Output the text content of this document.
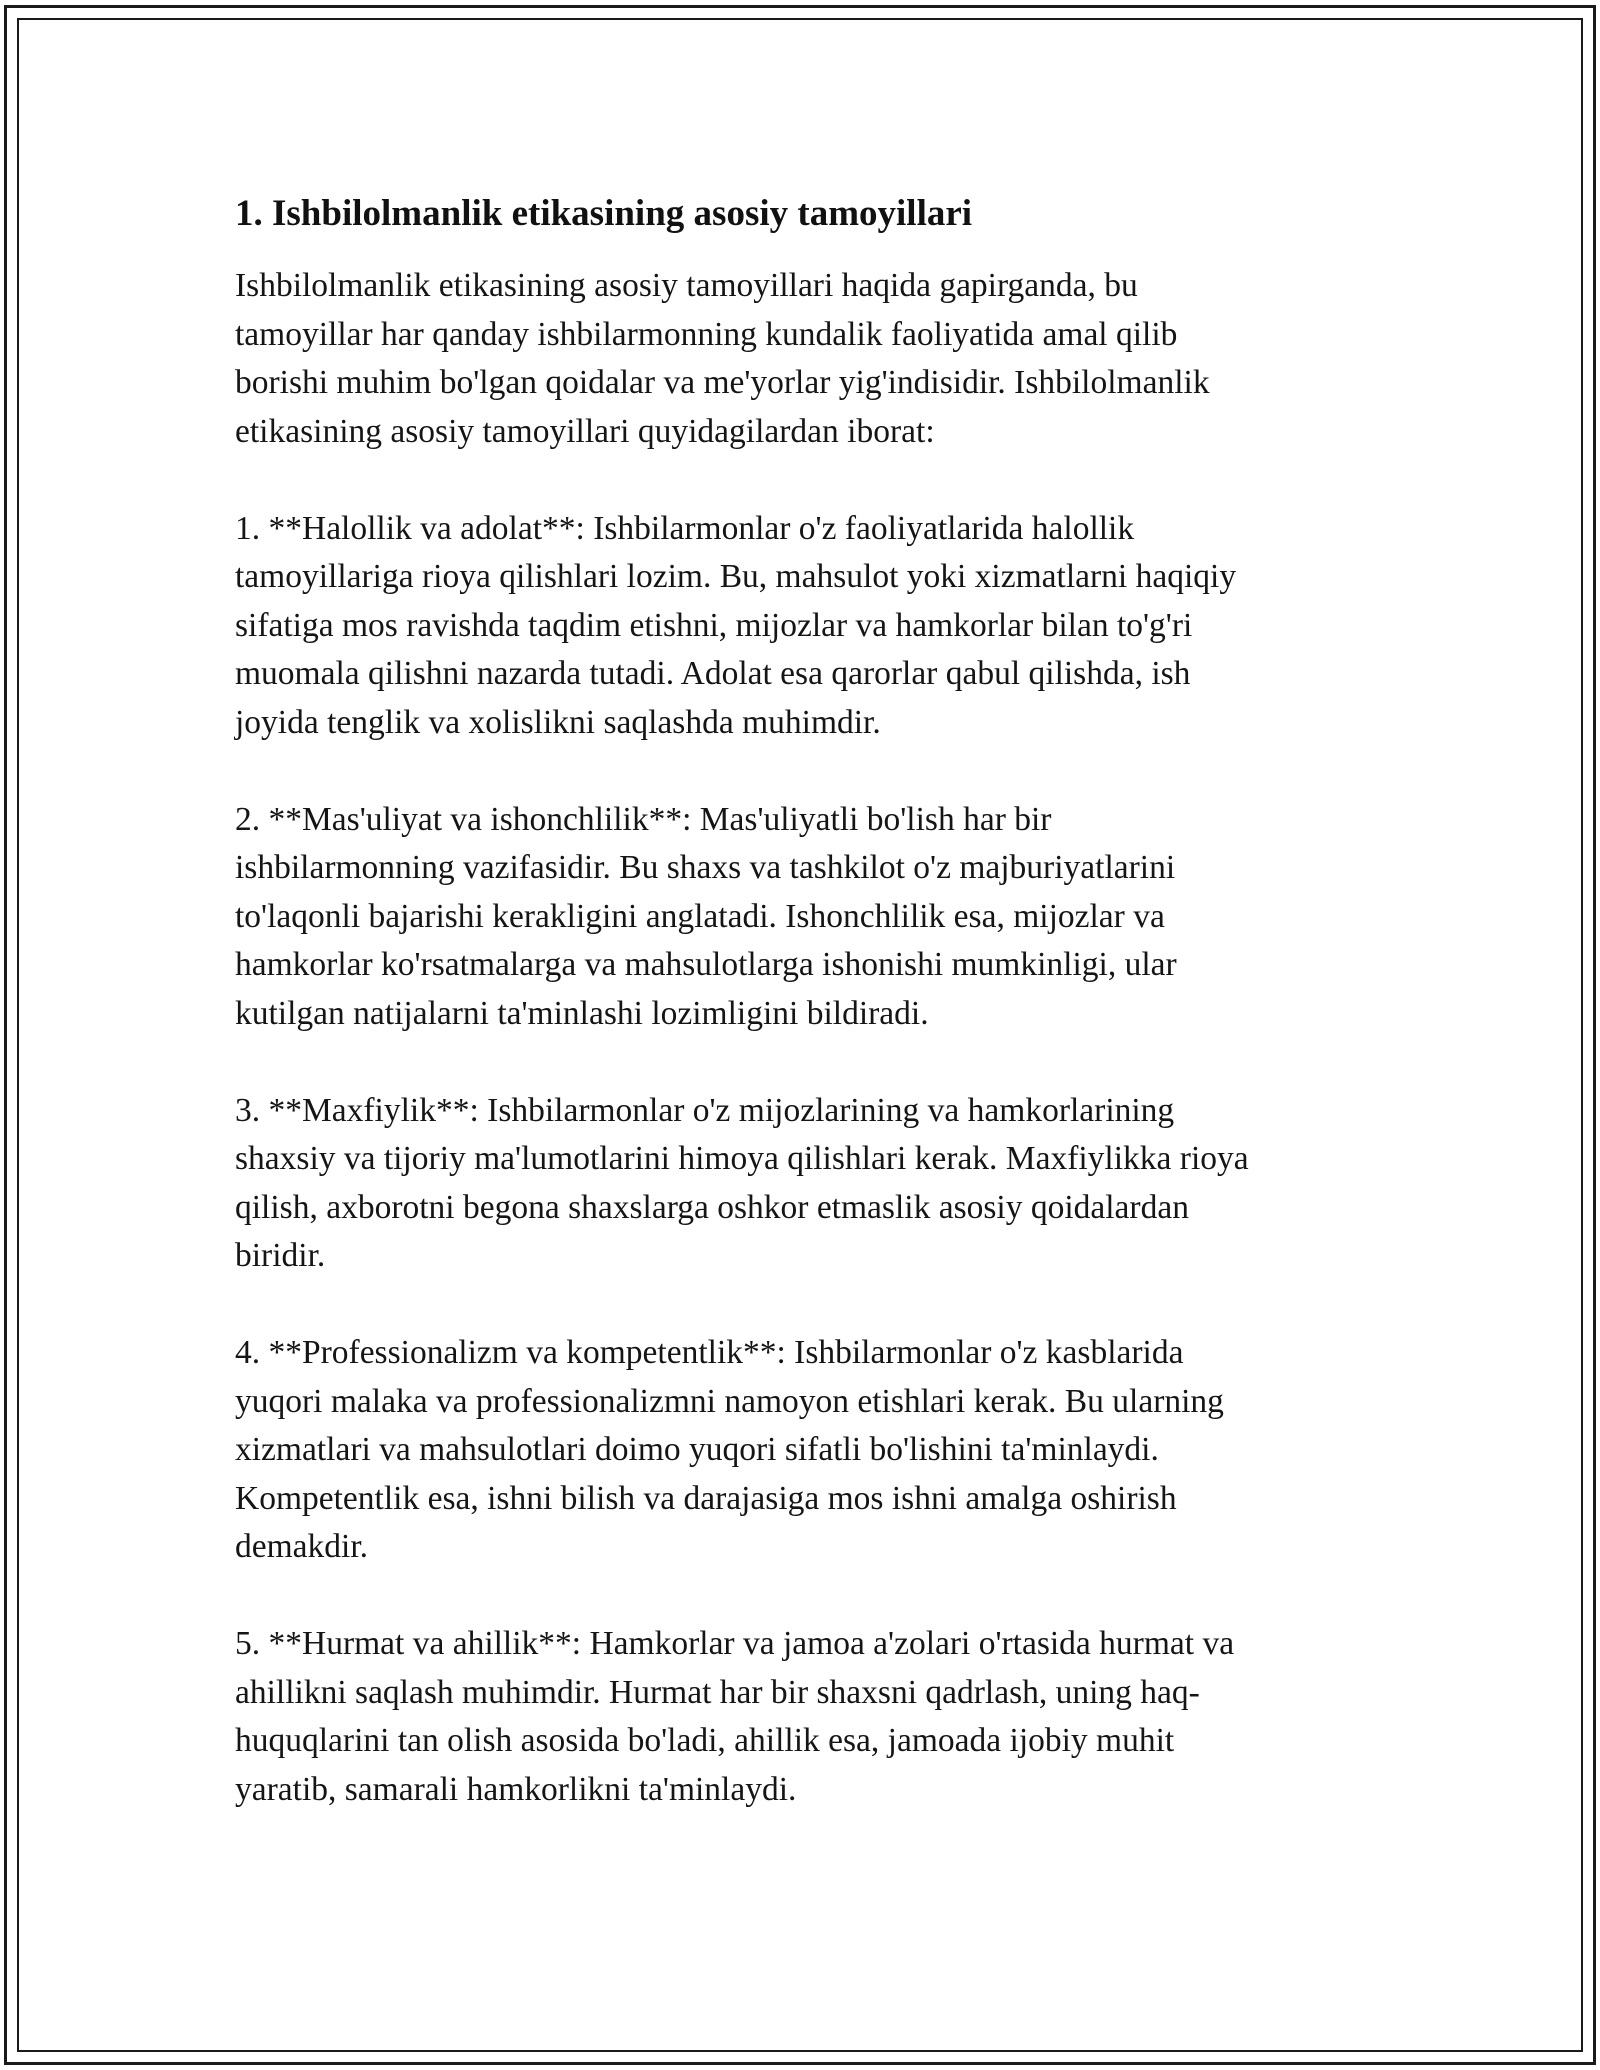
1. Ishbilolmanlik etikasining asosiy tamoyillari

Ishbilolmanlik etikasining asosiy tamoyillari haqida gapirganda, bu
tamoyillar har qanday ishbilarmonning kundalik faoliyatida amal qilib
borishi muhim bo'lgan qoidalar va me'yorlar yig'indisidir. Ishbilolmanlik
etikasining asosiy tamoyillari quyidagilardan iborat:

1. **Halollik va adolat**: Ishbilarmonlar o'z faoliyatlarida halollik
tamoyillariga rioya qilishlari lozim. Bu, mahsulot yoki xizmatlarni haqiqiy
sifatiga mos ravishda taqdim etishni, mijozlar va hamkorlar bilan to'g'ri
muomala qilishni nazarda tutadi. Adolat esa qarorlar qabul qilishda, ish
joyida tenglik va xolislikni saqlashda muhimdir.

2. **Mas'uliyat va ishonchlilik**: Mas'uliyatli bo'lish har bir
ishbilarmonning vazifasidir. Bu shaxs va tashkilot o'z majburiyatlarini
to'laqonli bajarishi kerakligini anglatadi. Ishonchlilik esa, mijozlar va
hamkorlar ko'rsatmalarga va mahsulotlarga ishonishi mumkinligi, ular
kutilgan natijalarni ta'minlashi lozimligini bildiradi.

3. **Maxfiylik**: Ishbilarmonlar o'z mijozlarining va hamkorlarining
shaxsiy va tijoriy ma'lumotlarini himoya qilishlari kerak. Maxfiylikka rioya
qilish, axborotni begona shaxslarga oshkor etmaslik asosiy qoidalardan
biridir.

4. **Professionalizm va kompetentlik**: Ishbilarmonlar o'z kasblarida
yuqori malaka va professionalizmni namoyon etishlari kerak. Bu ularning
xizmatlari va mahsulotlari doimo yuqori sifatli bo'lishini ta'minlaydi.
Kompetentlik esa, ishni bilish va darajasiga mos ishni amalga oshirish
demakdir.

5. **Hurmat va ahillik**: Hamkorlar va jamoa a'zolari o'rtasida hurmat va
ahillikni saqlash muhimdir. Hurmat har bir shaxsni qadrlash, uning haq-
huquqlarini tan olish asosida bo'ladi, ahillik esa, jamoada ijobiy muhit
yaratib, samarali hamkorlikni ta'minlaydi.
